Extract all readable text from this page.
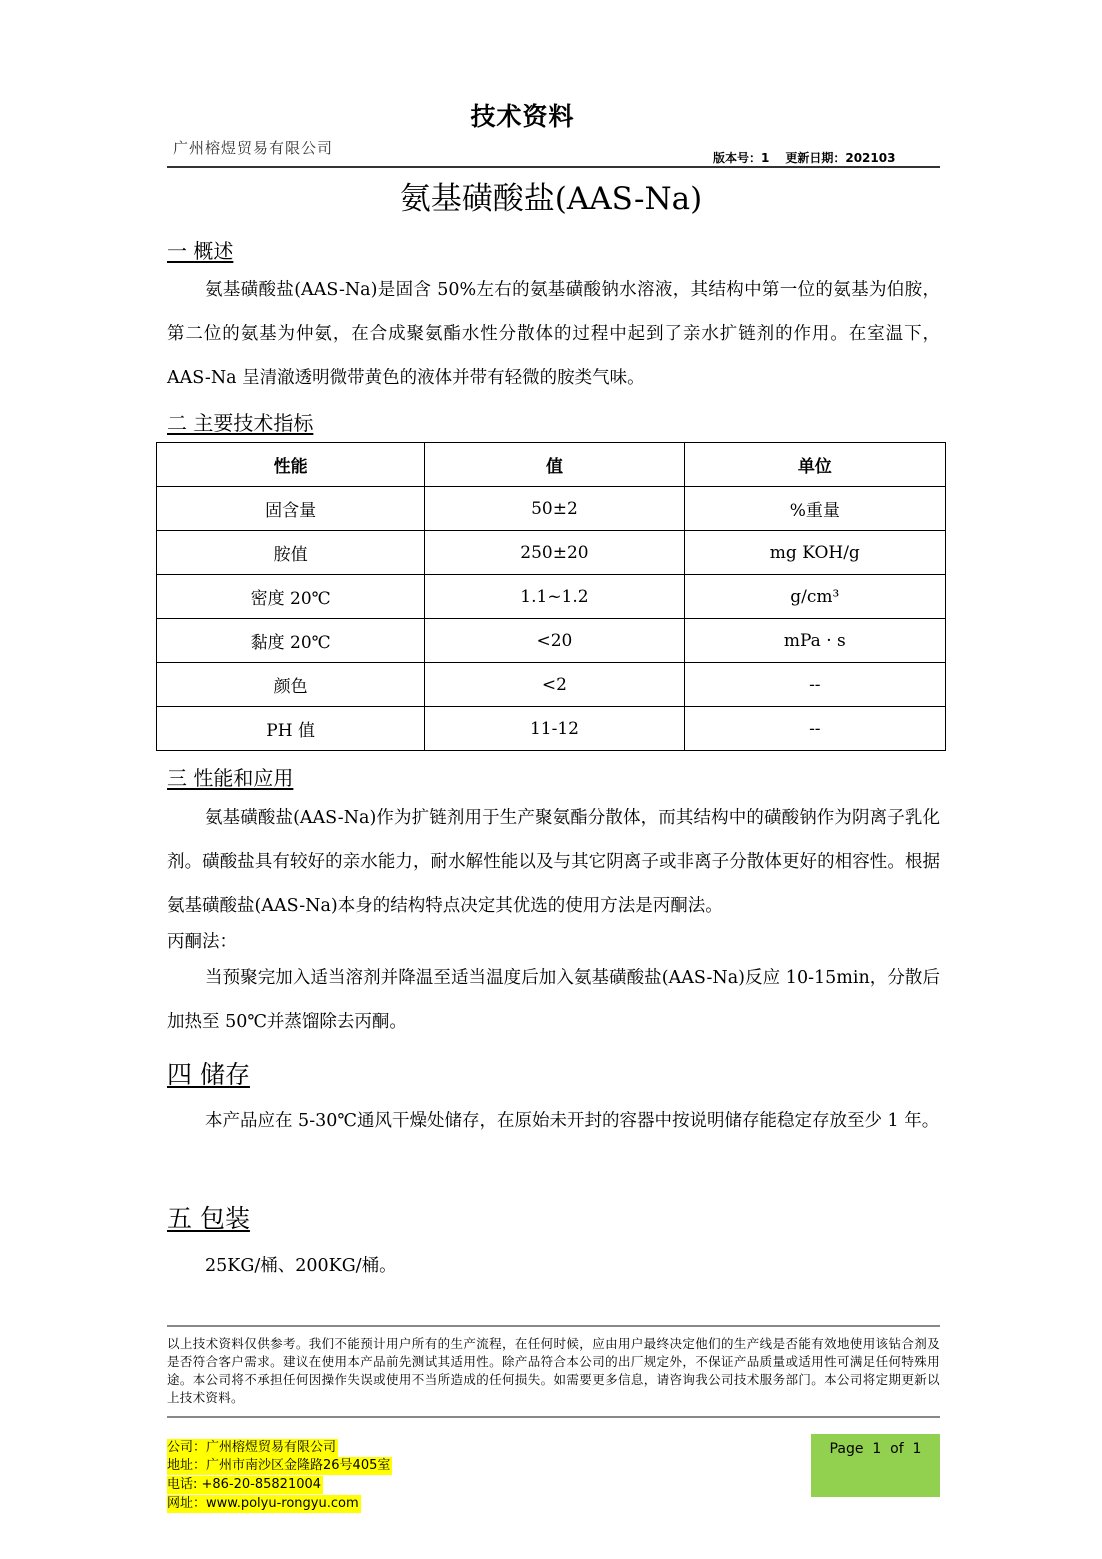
技术资料
广州榕煜贸易有限公司
版本号：1 更新日期：202103
氨基磺酸盐(AAS-Na)
一 概述
氨基磺酸盐(AAS-Na)是固含 50%左右的氨基磺酸钠水溶液，其结构中第一位的氨基为伯胺，第二位的氨基为仲氨，在合成聚氨酯水性分散体的过程中起到了亲水扩链剂的作用。在室温下，AAS-Na 呈清澈透明微带黄色的液体并带有轻微的胺类气味。
二 主要技术指标
性能	值	单位
固含量	50±2	%重量
胺值	250±20	mg KOH/g
密度 20℃	1.1~1.2	g/cm³
黏度 20℃	<20	mPa · s
颜色	<2	--
PH 值	11-12	--
三 性能和应用
氨基磺酸盐(AAS-Na)作为扩链剂用于生产聚氨酯分散体，而其结构中的磺酸钠作为阴离子乳化剂。磺酸盐具有较好的亲水能力，耐水解性能以及与其它阴离子或非离子分散体更好的相容性。根据氨基磺酸盐(AAS-Na)本身的结构特点决定其优选的使用方法是丙酮法。
丙酮法：
当预聚完加入适当溶剂并降温至适当温度后加入氨基磺酸盐(AAS-Na)反应 10-15min，分散后加热至 50℃并蒸馏除去丙酮。
四 储存
本产品应在 5-30℃通风干燥处储存，在原始未开封的容器中按说明储存能稳定存放至少 1 年。
五 包装
25KG/桶、200KG/桶。
以上技术资料仅供参考。我们不能预计用户所有的生产流程，在任何时候，应由用户最终决定他们的生产线是否能有效地使用该钻合剂及是否符合客户需求。建议在使用本产品前先测试其适用性。除产品符合本公司的出厂规定外，不保证产品质量或适用性可满足任何特殊用途。本公司将不承担任何因操作失误或使用不当所造成的任何损失。如需要更多信息，请咨询我公司技术服务部门。本公司将定期更新以上技术资料。
公司：广州榕煜贸易有限公司
地址：广州市南沙区金隆路26号405室
电话: +86-20-85821004
网址：www.polyu-rongyu.com
Page  1  of  1
